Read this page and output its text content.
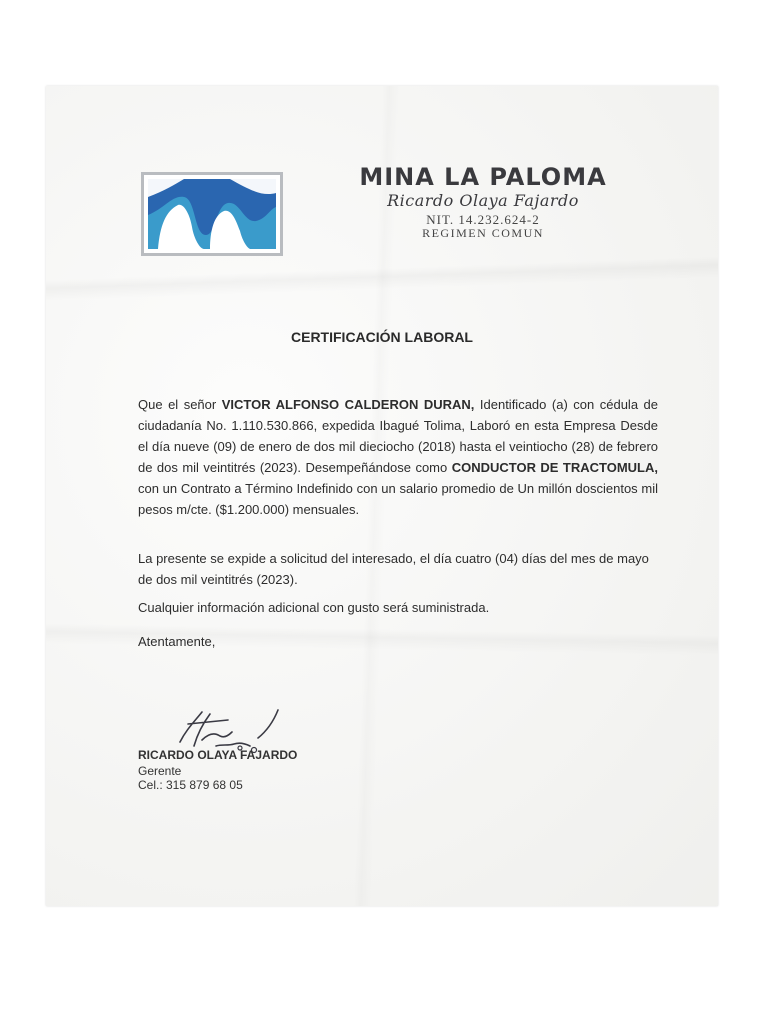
MINA LA PALOMA
Ricardo Olaya Fajardo
NIT. 14.232.624-2
REGIMEN COMUN
CERTIFICACIÓN LABORAL
Que el señor VICTOR ALFONSO CALDERON DURAN, Identificado (a) con cédula de ciudadanía No. 1.110.530.866, expedida Ibagué Tolima, Laboró en esta Empresa Desde el día nueve (09) de enero de dos mil dieciocho (2018) hasta el veintiocho (28) de febrero de dos mil veintitrés (2023). Desempeñándose como CONDUCTOR DE TRACTOMULA, con un Contrato a Término Indefinido con un salario promedio de Un millón doscientos mil pesos m/cte. ($1.200.000) mensuales.
La presente se expide a solicitud del interesado, el día cuatro (04) días del mes de mayo de dos mil veintitrés (2023).
Cualquier información adicional con gusto será suministrada.
Atentamente,
RICARDO OLAYA FAJARDO
Gerente
Cel.: 315 879 68 05
